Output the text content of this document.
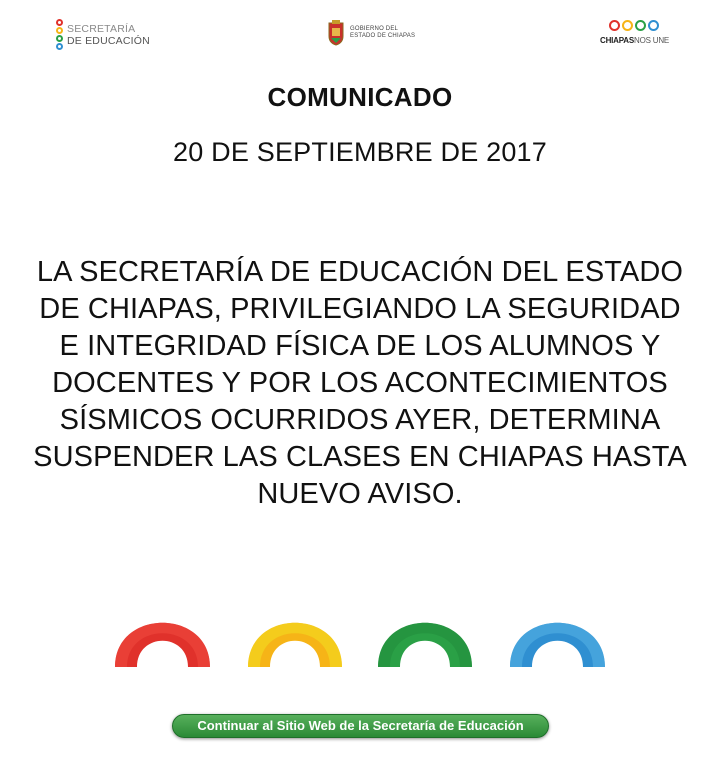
SECRETARÍA
DE EDUCACIÓN
GOBIERNO DEL
ESTADO DE CHIAPAS	CHIAPASNOS UNE
COMUNICADO
20 DE SEPTIEMBRE DE 2017
LA SECRETARÍA DE EDUCACIÓN DEL ESTADO
DE CHIAPAS, PRIVILEGIANDO LA SEGURIDAD
E INTEGRIDAD FÍSICA DE LOS ALUMNOS Y
DOCENTES Y POR LOS ACONTECIMIENTOS
SÍSMICOS OCURRIDOS AYER, DETERMINA
SUSPENDER LAS CLASES EN CHIAPAS HASTA
NUEVO AVISO.
Continuar al Sitio Web de la Secretaría de Educación
